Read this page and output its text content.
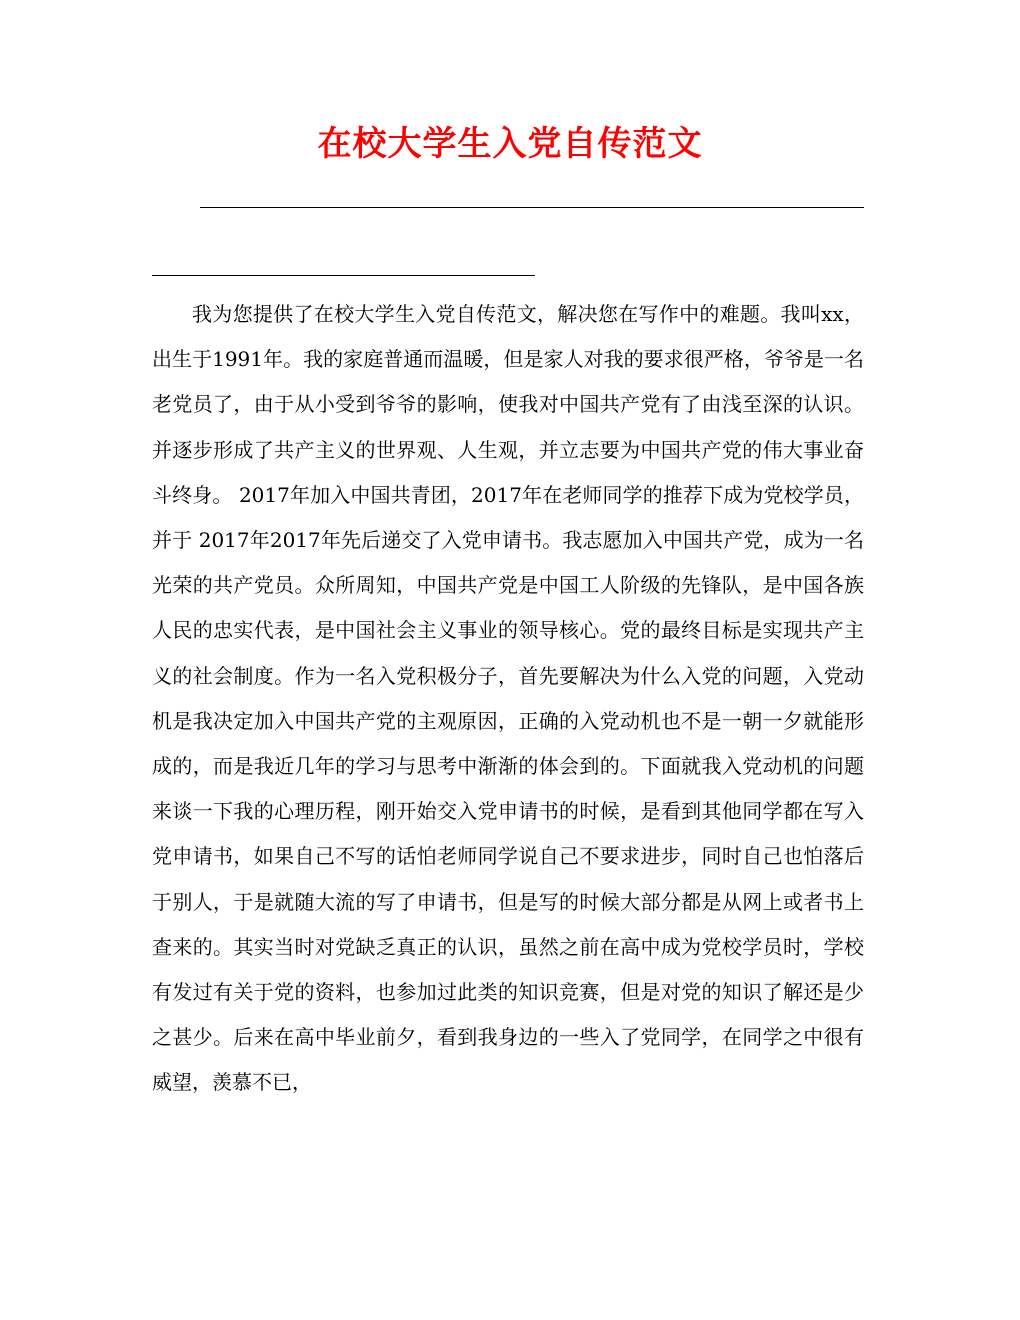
在校大学生入党自传范文

我为您提供了在校大学生入党自传范文，解决您在写作中的难题。我叫xx，出生于1991年。我的家庭普通而温暖，但是家人对我的要求很严格，爷爷是一名老党员了，由于从小受到爷爷的影响，使我对中国共产党有了由浅至深的认识。并逐步形成了共产主义的世界观、人生观，并立志要为中国共产党的伟大事业奋斗终身。 2017年加入中国共青团，2017年在老师同学的推荐下成为党校学员，并于 2017年2017年先后递交了入党申请书。我志愿加入中国共产党，成为一名光荣的共产党员。众所周知，中国共产党是中国工人阶级的先锋队，是中国各族人民的忠实代表，是中国社会主义事业的领导核心。党的最终目标是实现共产主义的社会制度。作为一名入党积极分子，首先要解决为什么入党的问题，入党动机是我决定加入中国共产党的主观原因，正确的入党动机也不是一朝一夕就能形成的，而是我近几年的学习与思考中渐渐的体会到的。下面就我入党动机的问题来谈一下我的心理历程，刚开始交入党申请书的时候，是看到其他同学都在写入党申请书，如果自己不写的话怕老师同学说自己不要求进步，同时自己也怕落后于别人，于是就随大流的写了申请书，但是写的时候大部分都是从网上或者书上查来的。其实当时对党缺乏真正的认识，虽然之前在高中成为党校学员时，学校有发过有关于党的资料，也参加过此类的知识竞赛，但是对党的知识了解还是少之甚少。后来在高中毕业前夕，看到我身边的一些入了党同学，在同学之中很有威望，羡慕不已，
